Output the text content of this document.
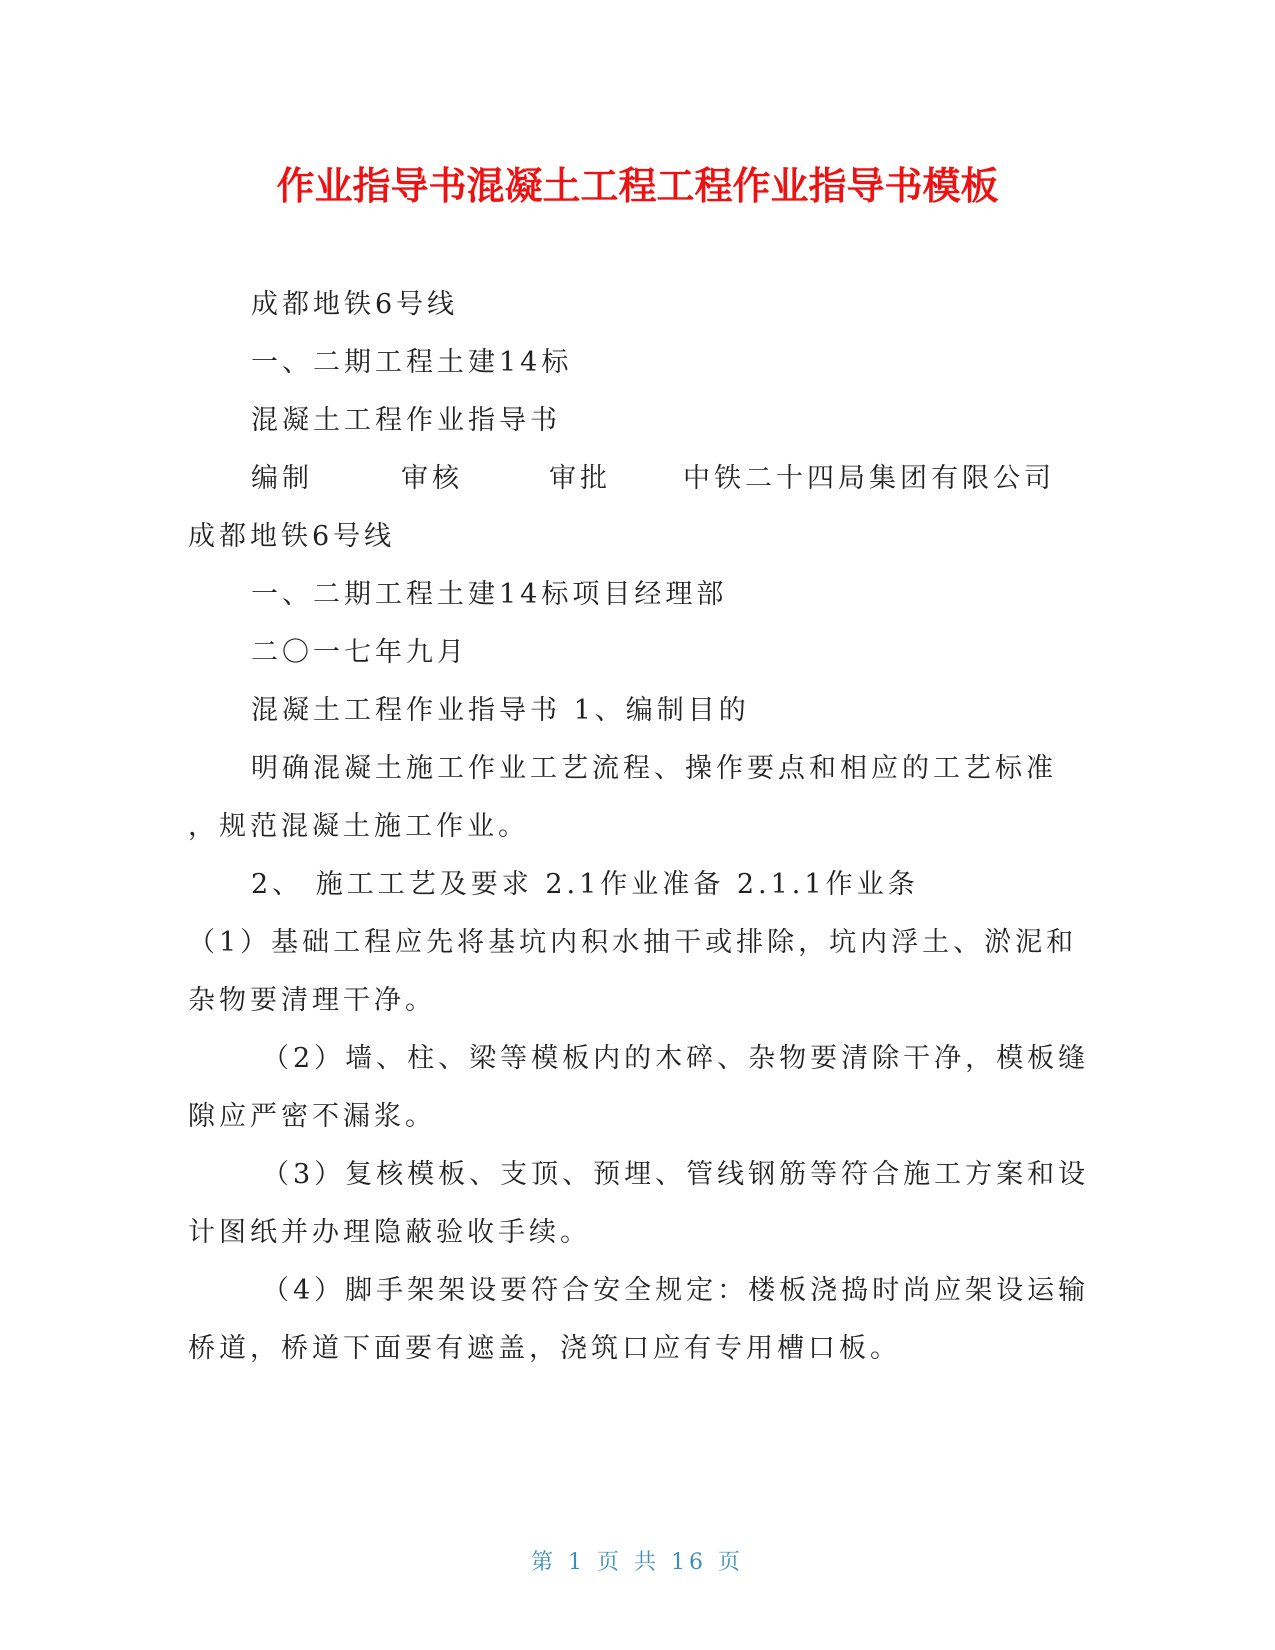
作业指导书混凝土工程工程作业指导书模板
成都地铁6号线
一、二期工程土建14标
混凝土工程作业指导书
编制	审核	审批	中铁二十四局集团有限公司
成都地铁6号线
一、二期工程土建14标项目经理部
二〇一七年九月
混凝土工程作业指导书 1、编制目的
明确混凝土施工作业工艺流程、操作要点和相应的工艺标准
，规范混凝土施工作业。
2、 施工工艺及要求 2.1作业准备 2.1.1作业条
（1）基础工程应先将基坑内积水抽干或排除，坑内浮土、淤泥和
杂物要清理干净。
（2）墙、柱、梁等模板内的木碎、杂物要清除干净，模板缝
隙应严密不漏浆。
（3）复核模板、支顶、预埋、管线钢筋等符合施工方案和设
计图纸并办理隐蔽验收手续。
（4）脚手架架设要符合安全规定：楼板浇捣时尚应架设运输
桥道，桥道下面要有遮盖，浇筑口应有专用槽口板。
第 1 页 共 16 页
